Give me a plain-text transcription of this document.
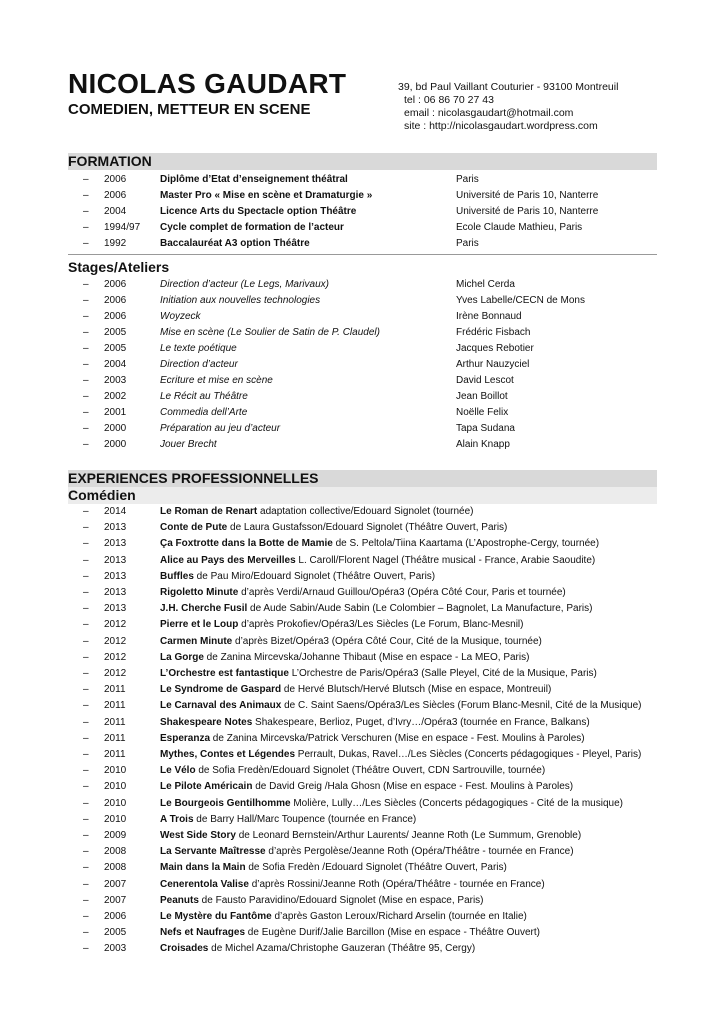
NICOLAS GAUDART
COMEDIEN, METTEUR EN SCENE
39, bd Paul Vaillant Couturier - 93100 Montreuil
tel : 06 86 70 27 43
email : nicolasgaudart@hotmail.com
site : http://nicolasgaudart.wordpress.com
FORMATION
– 2006	Diplôme d’Etat d’enseignement théâtral	Paris
– 2006	Master Pro « Mise en scène et Dramaturgie »	Université de Paris 10, Nanterre
– 2004	Licence Arts du Spectacle option Théâtre	Université de Paris 10, Nanterre
– 1994/97 Cycle complet de formation de l’acteur	Ecole Claude Mathieu, Paris
– 1992	Baccalauréat A3 option Théâtre	Paris
Stages/Ateliers
– 2006	Direction d’acteur (Le Legs, Marivaux)	Michel Cerda
– 2006	Initiation aux nouvelles technologies	Yves Labelle/CECN de Mons
– 2006	Woyzeck	Irène Bonnaud
– 2005	Mise en scène (Le Soulier de Satin de P. Claudel)	Frédéric Fisbach
– 2005	Le texte poétique	Jacques Rebotier
– 2004	Direction d’acteur	Arthur Nauzyciel
– 2003	Ecriture et mise en scène	David Lescot
– 2002	Le Récit au Théâtre	Jean Boillot
– 2001	Commedia dell’Arte	Noëlle Felix
– 2000	Préparation au jeu d’acteur	Tapa Sudana
– 2000	Jouer Brecht	Alain Knapp
EXPERIENCES PROFESSIONNELLES
Comédien
– 2014	Le Roman de Renart adaptation collective/Edouard Signolet (tournée)
– 2013	Conte de Pute de Laura Gustafsson/Edouard Signolet (Théâtre Ouvert, Paris)
– 2013	Ça Foxtrotte dans la Botte de Mamie de S. Peltola/Tiina Kaartama (L’Apostrophe-Cergy, tournée)
– 2013	Alice au Pays des Merveilles L. Caroll/Florent Nagel (Théâtre musical - France, Arabie Saoudite)
– 2013	Buffles de Pau Miro/Edouard Signolet (Théâtre Ouvert, Paris)
– 2013	Rigoletto Minute d’après Verdi/Arnaud Guillou/Opéra3 (Opéra Côté Cour, Paris et tournée)
– 2013	J.H. Cherche Fusil de Aude Sabin/Aude Sabin (Le Colombier – Bagnolet, La Manufacture, Paris)
– 2012	Pierre et le Loup d’après Prokofiev/Opéra3/Les Siècles (Le Forum, Blanc-Mesnil)
– 2012	Carmen Minute d’après Bizet/Opéra3 (Opéra Côté Cour, Cité de la Musique, tournée)
– 2012	La Gorge de Zanina Mircevska/Johanne Thibaut (Mise en espace - La MEO, Paris)
– 2012	L’Orchestre est fantastique L’Orchestre de Paris/Opéra3 (Salle Pleyel, Cité de la Musique, Paris)
– 2011	Le Syndrome de Gaspard de Hervé Blutsch/Hervé Blutsch (Mise en espace, Montreuil)
– 2011	Le Carnaval des Animaux de C. Saint Saens/Opéra3/Les Siècles (Forum Blanc-Mesnil, Cité de la Musique)
– 2011	Shakespeare Notes Shakespeare, Berlioz, Puget, d’Ivry…/Opéra3 (tournée en France, Balkans)
– 2011	Esperanza de Zanina Mircevska/Patrick Verschuren (Mise en espace - Fest. Moulins à Paroles)
– 2011	Mythes, Contes et Légendes Perrault, Dukas, Ravel…/Les Siècles (Concerts pédagogiques - Pleyel, Paris)
– 2010	Le Vélo de Sofia Fredèn/Edouard Signolet (Théâtre Ouvert, CDN Sartrouville, tournée)
– 2010	Le Pilote Américain de David Greig /Hala Ghosn (Mise en espace - Fest. Moulins à Paroles)
– 2010	Le Bourgeois Gentilhomme Molière, Lully…/Les Siècles (Concerts pédagogiques - Cité de la musique)
– 2010	A Trois de Barry Hall/Marc Toupence (tournée en France)
– 2009	West Side Story de Leonard Bernstein/Arthur Laurents/ Jeanne Roth (Le Summum, Grenoble)
– 2008	La Servante Maîtresse d’après Pergolèse/Jeanne Roth (Opéra/Théâtre - tournée en France)
– 2008	Main dans la Main de Sofia Fredèn /Edouard Signolet (Théâtre Ouvert, Paris)
– 2007	Cenerentola Valise d’après Rossini/Jeanne Roth (Opéra/Théâtre - tournée en France)
– 2007	Peanuts de Fausto Paravidino/Edouard Signolet (Mise en espace, Paris)
– 2006	Le Mystère du Fantôme d’après Gaston Leroux/Richard Arselin (tournée en Italie)
– 2005	Nefs et Naufrages de Eugène Durif/Jalie Barcillon (Mise en espace - Théâtre Ouvert)
– 2003	Croisades de Michel Azama/Christophe Gauzeran (Théâtre 95, Cergy)
